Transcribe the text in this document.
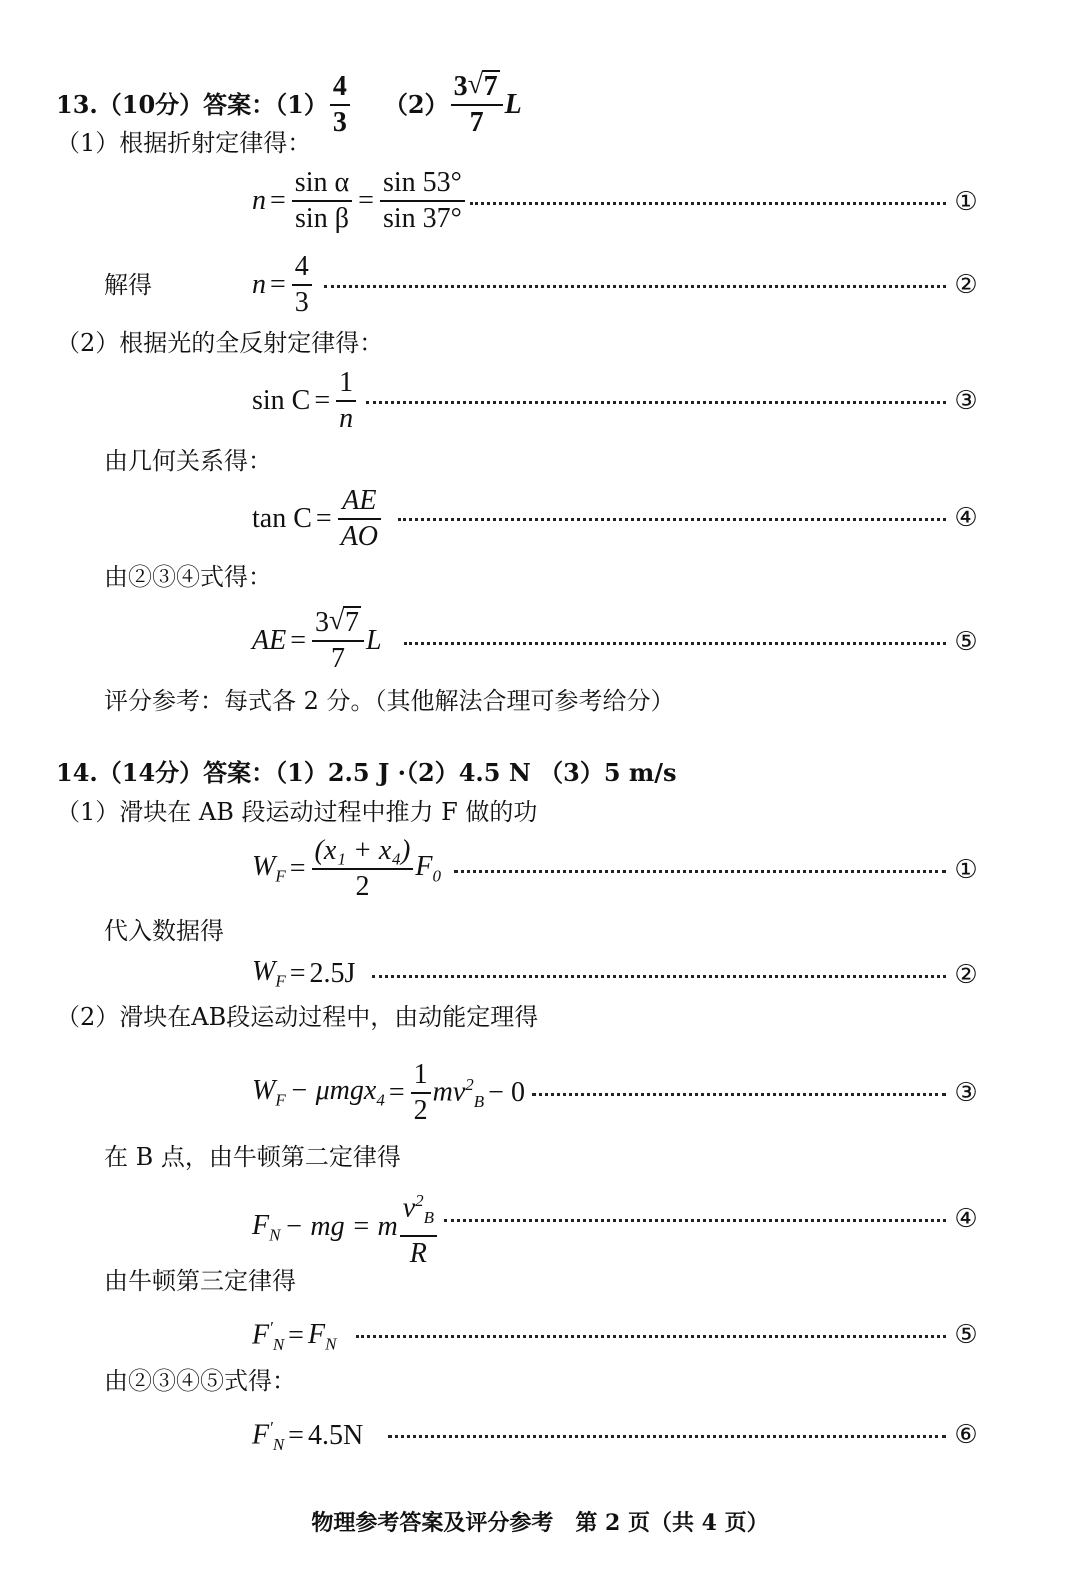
13.（10分）答案：$(1) \frac{4}{3} (2) \frac{3 √ 7}{7}$ L
（1）根据折射定律得：
$n = \frac{\text{sin α}}{\text{sin β}} = \frac{\sin 53^\circ}{\sin 37^\circ}$	①
解得	$n = \frac{4}{3}$	②
（2）根据光的全反射定律得：
$\sin C = \frac{1}{n}$	③
由几何关系得：
$\tan C = \frac{AE}{AO}$	④
由②③④式得：
AE = $\frac{3 √ 7}{7}$ L	⑤
评分参考：每式各 2 分。（其他解法合理可参考给分）
14.（14分）答案：（1）2.5 J ·（2）4.5 N （3）5 m/s
（1）滑块在 AB 段运动过程中推力 F 做的功
$W_F = \frac{\text{(x₁ + x₄)}}{2} F_0$	①
代入数据得
$W_F = 2.5J$	②
（2）滑块在AB段运动过程中，由动能定理得
$W_F - \mu mgx_4 = \frac{1}{2} mv^2_B - 0$	③
在 B 点，由牛顿第二定律得
$F_N$ − mg = m $\frac{v^2_B}{R}$	④
由牛顿第三定律得
$F'_N = F_N$	⑤
由②③④⑤式得：
$F'_N = 4.5N$	⑥
物理参考答案及评分参考　第 2 页（共 4 页）
